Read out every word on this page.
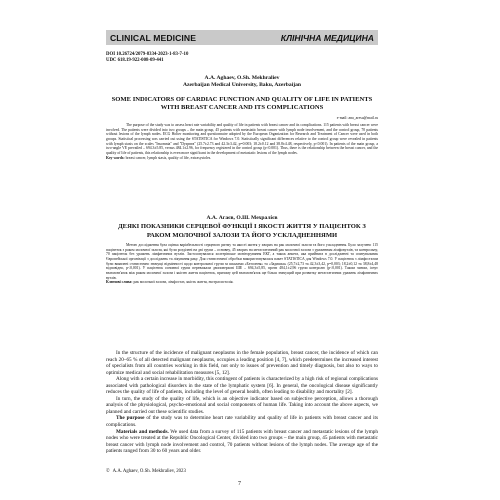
CLINICAL MEDICINE	КЛІНІЧНА МЕДИЦИНА
DOI 10.26724/2079-8334-2023-1-83-7-10
UDC 618.19-922-008-09-441
A.A. Aghaev, O.Sh. Mekhraliev
Azerbaijan Medical University, Baku, Azerbaijan
SOME INDICATORS OF CARDIAC FUNCTION AND QUALITY OF LIFE IN PATIENTS WITH BREAST CANCER AND ITS COMPLICATIONS
e-mail: ana_aresu@mail.ru

The purpose of the study was to assess heart rate variability and quality of life in patients with breast cancer and its complications. 115 patients with breast cancer were involved. The patients were divided into two groups – the main group, 45 patients with metastatic breast cancer with lymph node involvement, and the control group, 70 patients without lesions of the lymph nodes. ECG Holter monitoring and questionnaire adopted by the European Organization for Research and Treatment of Cancer were used in both groups. Statistical processing was carried out using the STATISTICA for Windows 7.0. Statistically significant differences relative to the control group were revealed in patients with lymph stasis on the scales "Insomnia" and "Dyspnea" (25.7±2.73 and 42.3±3.42, p=0.003; 18.2±0.12 and 38.8±4.48, respectively, p<0.001). In patients of the main group, a two-angle VE prevailed – 694.3±5.85, versus 484.1±2.96, for frequency registered in the control group (p<0.001). Thus, there is the relationship between the breast cancer, and the quality of life of patients, this relationship is even more significant in the development of metastatic lesions of the lymph nodes.

Key words: breast cancer, lymph stasis, quality of life, extrasystoles.
А.А. Агаєв, О.Ш. Мехралієв
ДЕЯКІ ПОКАЗНИКИ СЕРЦЕВОЇ ФУНКЦІЇ І ЯКОСТІ ЖИТТЯ У ПАЦІЄНТОК З РАКОМ МОЛОЧНОЇ ЗАЛОЗИ ТА ЙОГО УСКЛАДНЕННЯМИ

Метою дослідження була оцінка варіабельності серцевого ритму та якості життя у хворих на рак молочної залози та його ускладнення. Було залучено 115 пацієнток з раком молочної залози, які були розділені на дві групи – основну, 45 хворих на метастатичний рак молочної залози з ураженням лімфовузлів, та контрольну, 70 пацієнток без уражень лімфатичних вузлів. Застосовувалися холтерівське моніторування ЕКГ, а також анкета, яка прийнята в дослідженні та опитувальник Європейської організації з досліджень та лікування раку. Для статистичної обробки використовувалася пакет STATISTICA для Windows 7.0. У пацієнток з лімфостазом були виявлені статистично значущі відмінності щодо контрольної групи за шкалами «Безсоння» та «Задишка» (25,7±2,73 та 42,3±3,42, р=0,003; 18,2±0,12 та 38,8±4,48 відповідно, р<0,001). У пацієнток основної групи переважали двоповерхові ШЕ – 694,3±5,85, проти 484,1±2,96 групи контролю (р<0,001). Таким чином, існує взаємозв'язок між раком молочної залози і якістю життя пацієнток, причому цей взаємозв'язок ще більш значущий при розвитку метастатичних уражень лімфатичних вузлів.

Ключові слова: рак молочної залози, лімфостаз, якість життя, екстрасистолія.

In the structure of the incidence of malignant neoplasms in the female population, breast cancer, the incidence of which can reach 20–65 % of all detected malignant neoplasms, occupies a leading position [4, 7], which predetermines the increased interest of specialists from all countries working in this field, not only to issues of prevention and timely diagnosis, but also to ways to optimize medical and social rehabilitation measures [5, 12].

Along with a certain increase in morbidity, this contingent of patients is characterized by a high risk of regional complications associated with pathological disorders in the state of the lymphatic system [6]. In general, the oncological disease significantly reduces the quality of life of patients, including the level of general health, often leading to disability and mortality [2].

In turn, the study of the quality of life, which is an objective indicator based on subjective perception, allows a thorough analysis of the physiological, psycho-emotional and social components of human life. Taking into account the above aspects, we planned and carried out these scientific studies.

The purpose of the study was to determine heart rate variability and quality of life in patients with breast cancer and its complications.

Materials and methods. We used data from a survey of 115 patients with breast cancer and metastatic lesions of the lymph nodes who were treated at the Republic Oncological Center, divided into two groups – the main group, 45 patients with metastatic breast cancer with lymph node involvement and control, 70 patients without lesions of the lymph nodes. The average age of the patients ranged from 30 to 60 years and older.

© A.A. Aghaev, O.Sh. Mekhraliev, 2023
7
